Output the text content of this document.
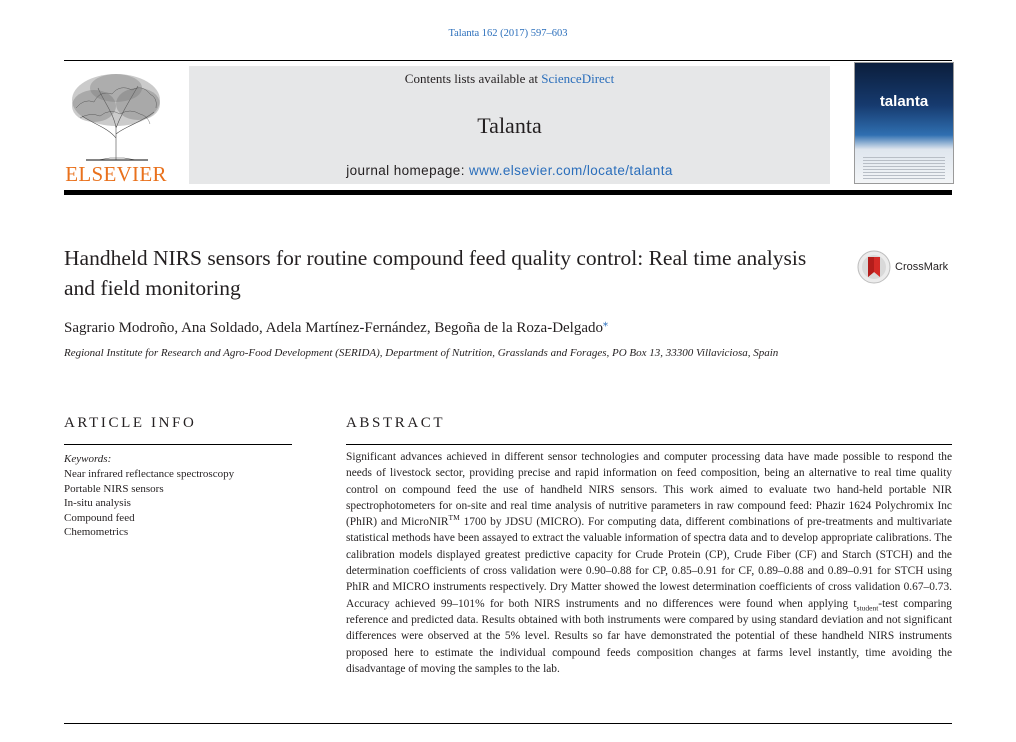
Talanta 162 (2017) 597–603
ELSEVIER
Contents lists available at ScienceDirect
Talanta
journal homepage: www.elsevier.com/locate/talanta
talanta
Handheld NIRS sensors for routine compound feed quality control: Real time analysis and field monitoring
CrossMark
Sagrario Modroño, Ana Soldado, Adela Martínez-Fernández, Begoña de la Roza-Delgado⁎
Regional Institute for Research and Agro-Food Development (SERIDA), Department of Nutrition, Grasslands and Forages, PO Box 13, 33300 Villaviciosa, Spain
ARTICLE INFO	ABSTRACT
Keywords:
Near infrared reflectance spectroscopy
Portable NIRS sensors
In-situ analysis
Compound feed
Chemometrics

Significant advances achieved in different sensor technologies and computer processing data have made possible to respond the needs of livestock sector, providing precise and rapid information on feed composition, being an alternative to real time quality control on compound feed the use of handheld NIRS sensors. This work aimed to evaluate two hand-held portable NIR spectrophotometers for on-site and real time analysis of nutritive parameters in raw compound feed: Phazir 1624 Polychromix Inc (PhIR) and MicroNIR™ 1700 by JDSU (MICRO). For computing data, different combinations of pre-treatments and multivariate statistical methods have been assayed to extract the valuable information of spectra data and to develop appropriate calibrations. The calibration models displayed greatest predictive capacity for Crude Protein (CP), Crude Fiber (CF) and Starch (STCH) and the determination coefficients of cross validation were 0.90–0.88 for CP, 0.85–0.91 for CF, 0.89–0.88 and 0.89–0.91 for STCH using PhIR and MICRO instruments respectively. Dry Matter showed the lowest determination coefficients of cross validation 0.67–0.73. Accuracy achieved 99–101% for both NIRS instruments and no differences were found when applying $t_{student}$-test comparing reference and predicted data. Results obtained with both instruments were compared by using standard deviation and not significant differences were observed at the 5% level. Results so far have demonstrated the potential of these handheld NIRS instruments proposed here to estimate the individual compound feeds composition changes at farms level instantly, time avoiding the disadvantage of moving the samples to the lab.
